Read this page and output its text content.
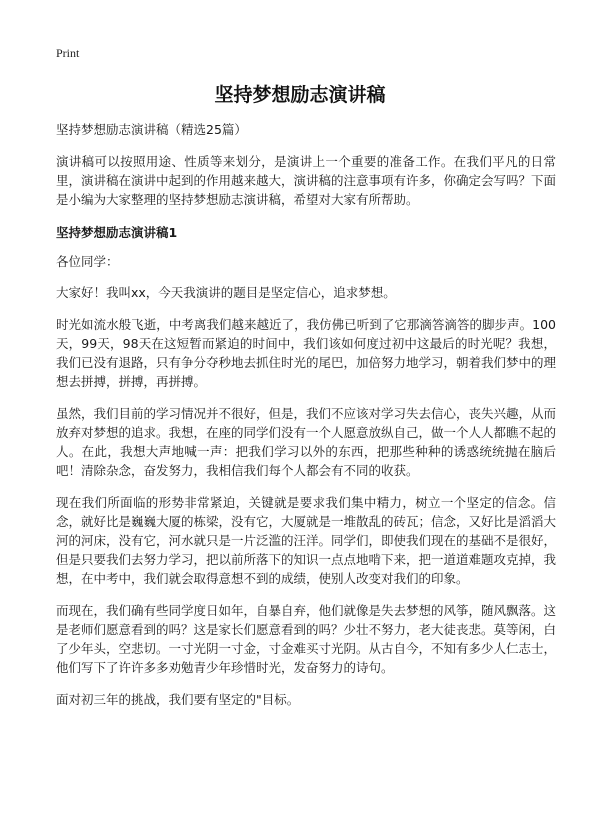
Print
坚持梦想励志演讲稿

坚持梦想励志演讲稿（精选25篇）

演讲稿可以按照用途、性质等来划分，是演讲上一个重要的准备工作。在我们平凡的日常里，演讲稿在演讲中起到的作用越来越大，演讲稿的注意事项有许多，你确定会写吗？下面是小编为大家整理的坚持梦想励志演讲稿，希望对大家有所帮助。

坚持梦想励志演讲稿1

各位同学：

大家好！我叫xx，今天我演讲的题目是坚定信心，追求梦想。

时光如流水般飞逝，中考离我们越来越近了，我仿佛已听到了它那滴答滴答的脚步声。100天，99天，98天在这短暂而紧迫的时间中，我们该如何度过初中这最后的时光呢？我想，我们已没有退路，只有争分夺秒地去抓住时光的尾巴，加倍努力地学习，朝着我们梦中的理想去拼搏，拼搏，再拼搏。

虽然，我们目前的学习情况并不很好，但是，我们不应该对学习失去信心，丧失兴趣，从而放弃对梦想的追求。我想，在座的同学们没有一个人愿意放纵自己，做一个人人都瞧不起的人。在此，我想大声地喊一声：把我们学习以外的东西，把那些种种的诱惑统统抛在脑后吧！清除杂念，奋发努力，我相信我们每个人都会有不同的收获。

现在我们所面临的形势非常紧迫，关键就是要求我们集中精力，树立一个坚定的信念。信念，就好比是巍巍大厦的栋梁，没有它，大厦就是一堆散乱的砖瓦；信念，又好比是滔滔大河的河床，没有它，河水就只是一片泛滥的汪洋。同学们，即使我们现在的基础不是很好，但是只要我们去努力学习，把以前所落下的知识一点点地啃下来，把一道道难题攻克掉，我想，在中考中，我们就会取得意想不到的成绩，使别人改变对我们的印象。

而现在，我们确有些同学度日如年，自暴自弃，他们就像是失去梦想的风筝，随风飘落。这是老师们愿意看到的吗？这是家长们愿意看到的吗？少壮不努力，老大徒丧悲。莫等闲，白了少年头，空悲切。一寸光阴一寸金，寸金难买寸光阴。从古自今，不知有多少人仁志士，他们写下了许许多多劝勉青少年珍惜时光，发奋努力的诗句。

面对初三年的挑战，我们要有坚定的"目标。
